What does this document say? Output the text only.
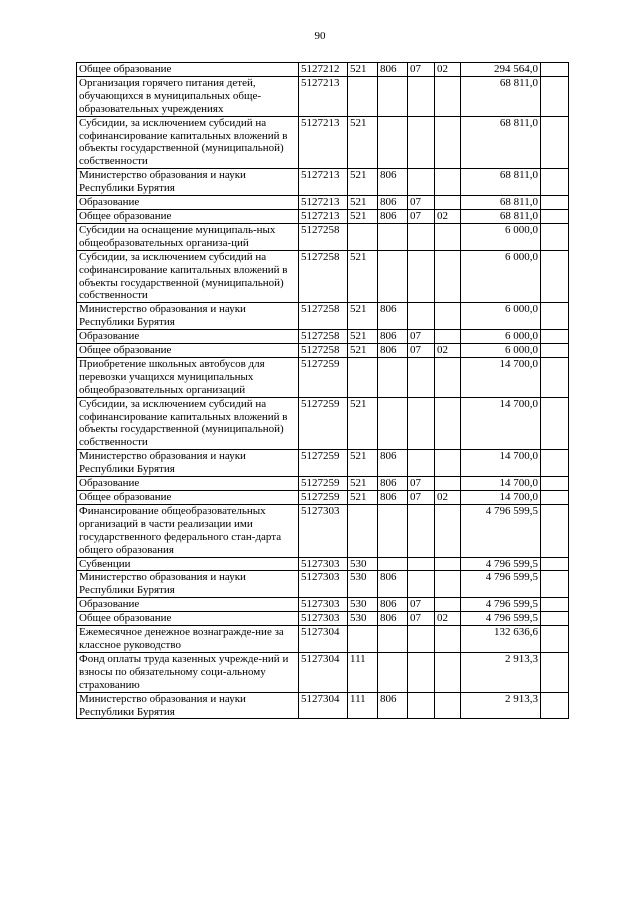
90
Общее образование	5127212	521	806	07	02	294 564,0	
Организация горячего питания детей, обучающихся в муниципальных обще-образовательных учреждениях	5127213					68 811,0	
Субсидии, за исключением субсидий на софинансирование капитальных вложений в объекты государственной (муниципальной) собственности	5127213	521				68 811,0	
Министерство образования и науки Республики Бурятия	5127213	521	806			68 811,0	
Образование	5127213	521	806	07		68 811,0	
Общее образование	5127213	521	806	07	02	68 811,0	
Субсидии на оснащение муниципаль-ных общеобразовательных организа-ций	5127258					6 000,0	
Субсидии, за исключением субсидий на софинансирование капитальных вложений в объекты государственной (муниципальной) собственности	5127258	521				6 000,0	
Министерство образования и науки Республики Бурятия	5127258	521	806			6 000,0	
Образование	5127258	521	806	07		6 000,0	
Общее образование	5127258	521	806	07	02	6 000,0	
Приобретение школьных автобусов для перевозки учащихся муниципальных общеобразовательных организаций	5127259					14 700,0	
Субсидии, за исключением субсидий на софинансирование капитальных вложений в объекты государственной (муниципальной) собственности	5127259	521				14 700,0	
Министерство образования и науки Республики Бурятия	5127259	521	806			14 700,0	
Образование	5127259	521	806	07		14 700,0	
Общее образование	5127259	521	806	07	02	14 700,0	
Финансирование общеобразовательных организаций в части реализации ими государственного федерального стан-дарта общего образования	5127303					4 796 599,5	
Субвенции	5127303	530				4 796 599,5	
Министерство образования и науки Республики Бурятия	5127303	530	806			4 796 599,5	
Образование	5127303	530	806	07		4 796 599,5	
Общее образование	5127303	530	806	07	02	4 796 599,5	
Ежемесячное денежное вознагражде-ние за классное руководство	5127304					132 636,6	
Фонд оплаты труда казенных учрежде-ний и взносы по обязательному соци-альному страхованию	5127304	111				2 913,3	
Министерство образования и науки Республики Бурятия	5127304	111	806			2 913,3	
